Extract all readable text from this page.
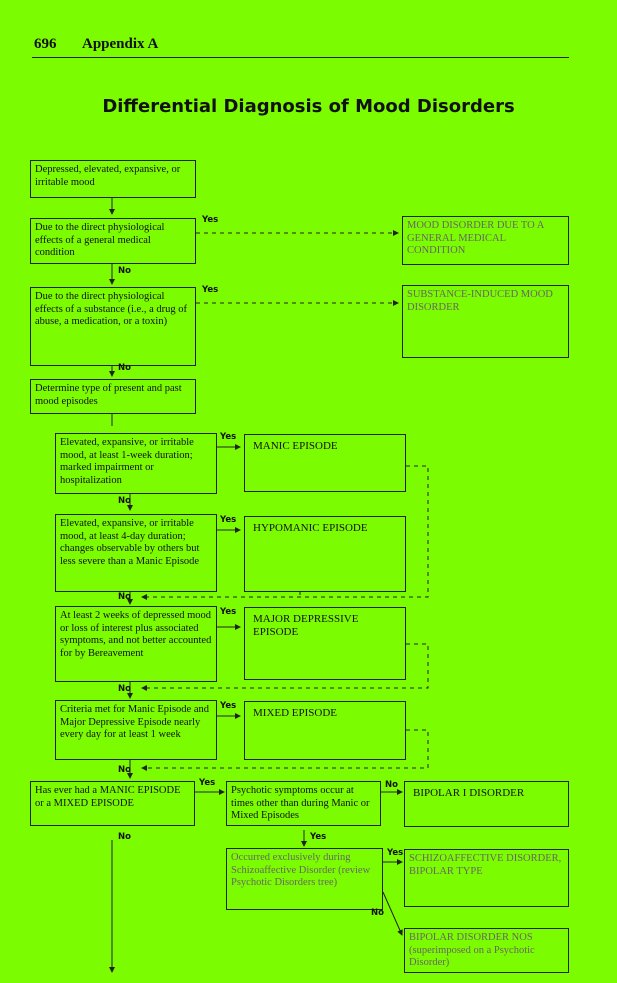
696 Appendix A
Differential Diagnosis of Mood Disorders
Depressed, elevated, expansive, or irritable mood
Due to the direct physiological effects of a general medical condition
Due to the direct physiological effects of a substance (i.e., a drug of abuse, a medication, or a toxin)
Determine type of present and past mood episodes
Elevated, expansive, or irritable mood, at least 1-week duration; marked impairment or hospitalization
Elevated, expansive, or irritable mood, at least 4-day duration; changes observable by others but less severe than a Manic Episode
At least 2 weeks of depressed mood or loss of interest plus associated symptoms, and not better accounted for by Bereavement
Criteria met for Manic Episode and Major Depressive Episode nearly every day for at least 1 week
Has ever had a MANIC EPISODE or a MIXED EPISODE
Psychotic symptoms occur at times other than during Manic or Mixed Episodes
Occurred exclusively during Schizoaffective Disorder (review Psychotic Disorders tree)
MOOD DISORDER DUE TO A GENERAL MEDICAL CONDITION
SUBSTANCE-INDUCED MOOD DISORDER
MANIC EPISODE
HYPOMANIC EPISODE
MAJOR DEPRESSIVE EPISODE
MIXED EPISODE
BIPOLAR I DISORDER
SCHIZOAFFECTIVE DISORDER, BIPOLAR TYPE
BIPOLAR DISORDER NOS (superimposed on a Psychotic Disorder)
Yes
No
Yes
No
Yes
No
Yes
No
Yes
No
Yes
No
Yes	No
No	Yes
Yes
No
